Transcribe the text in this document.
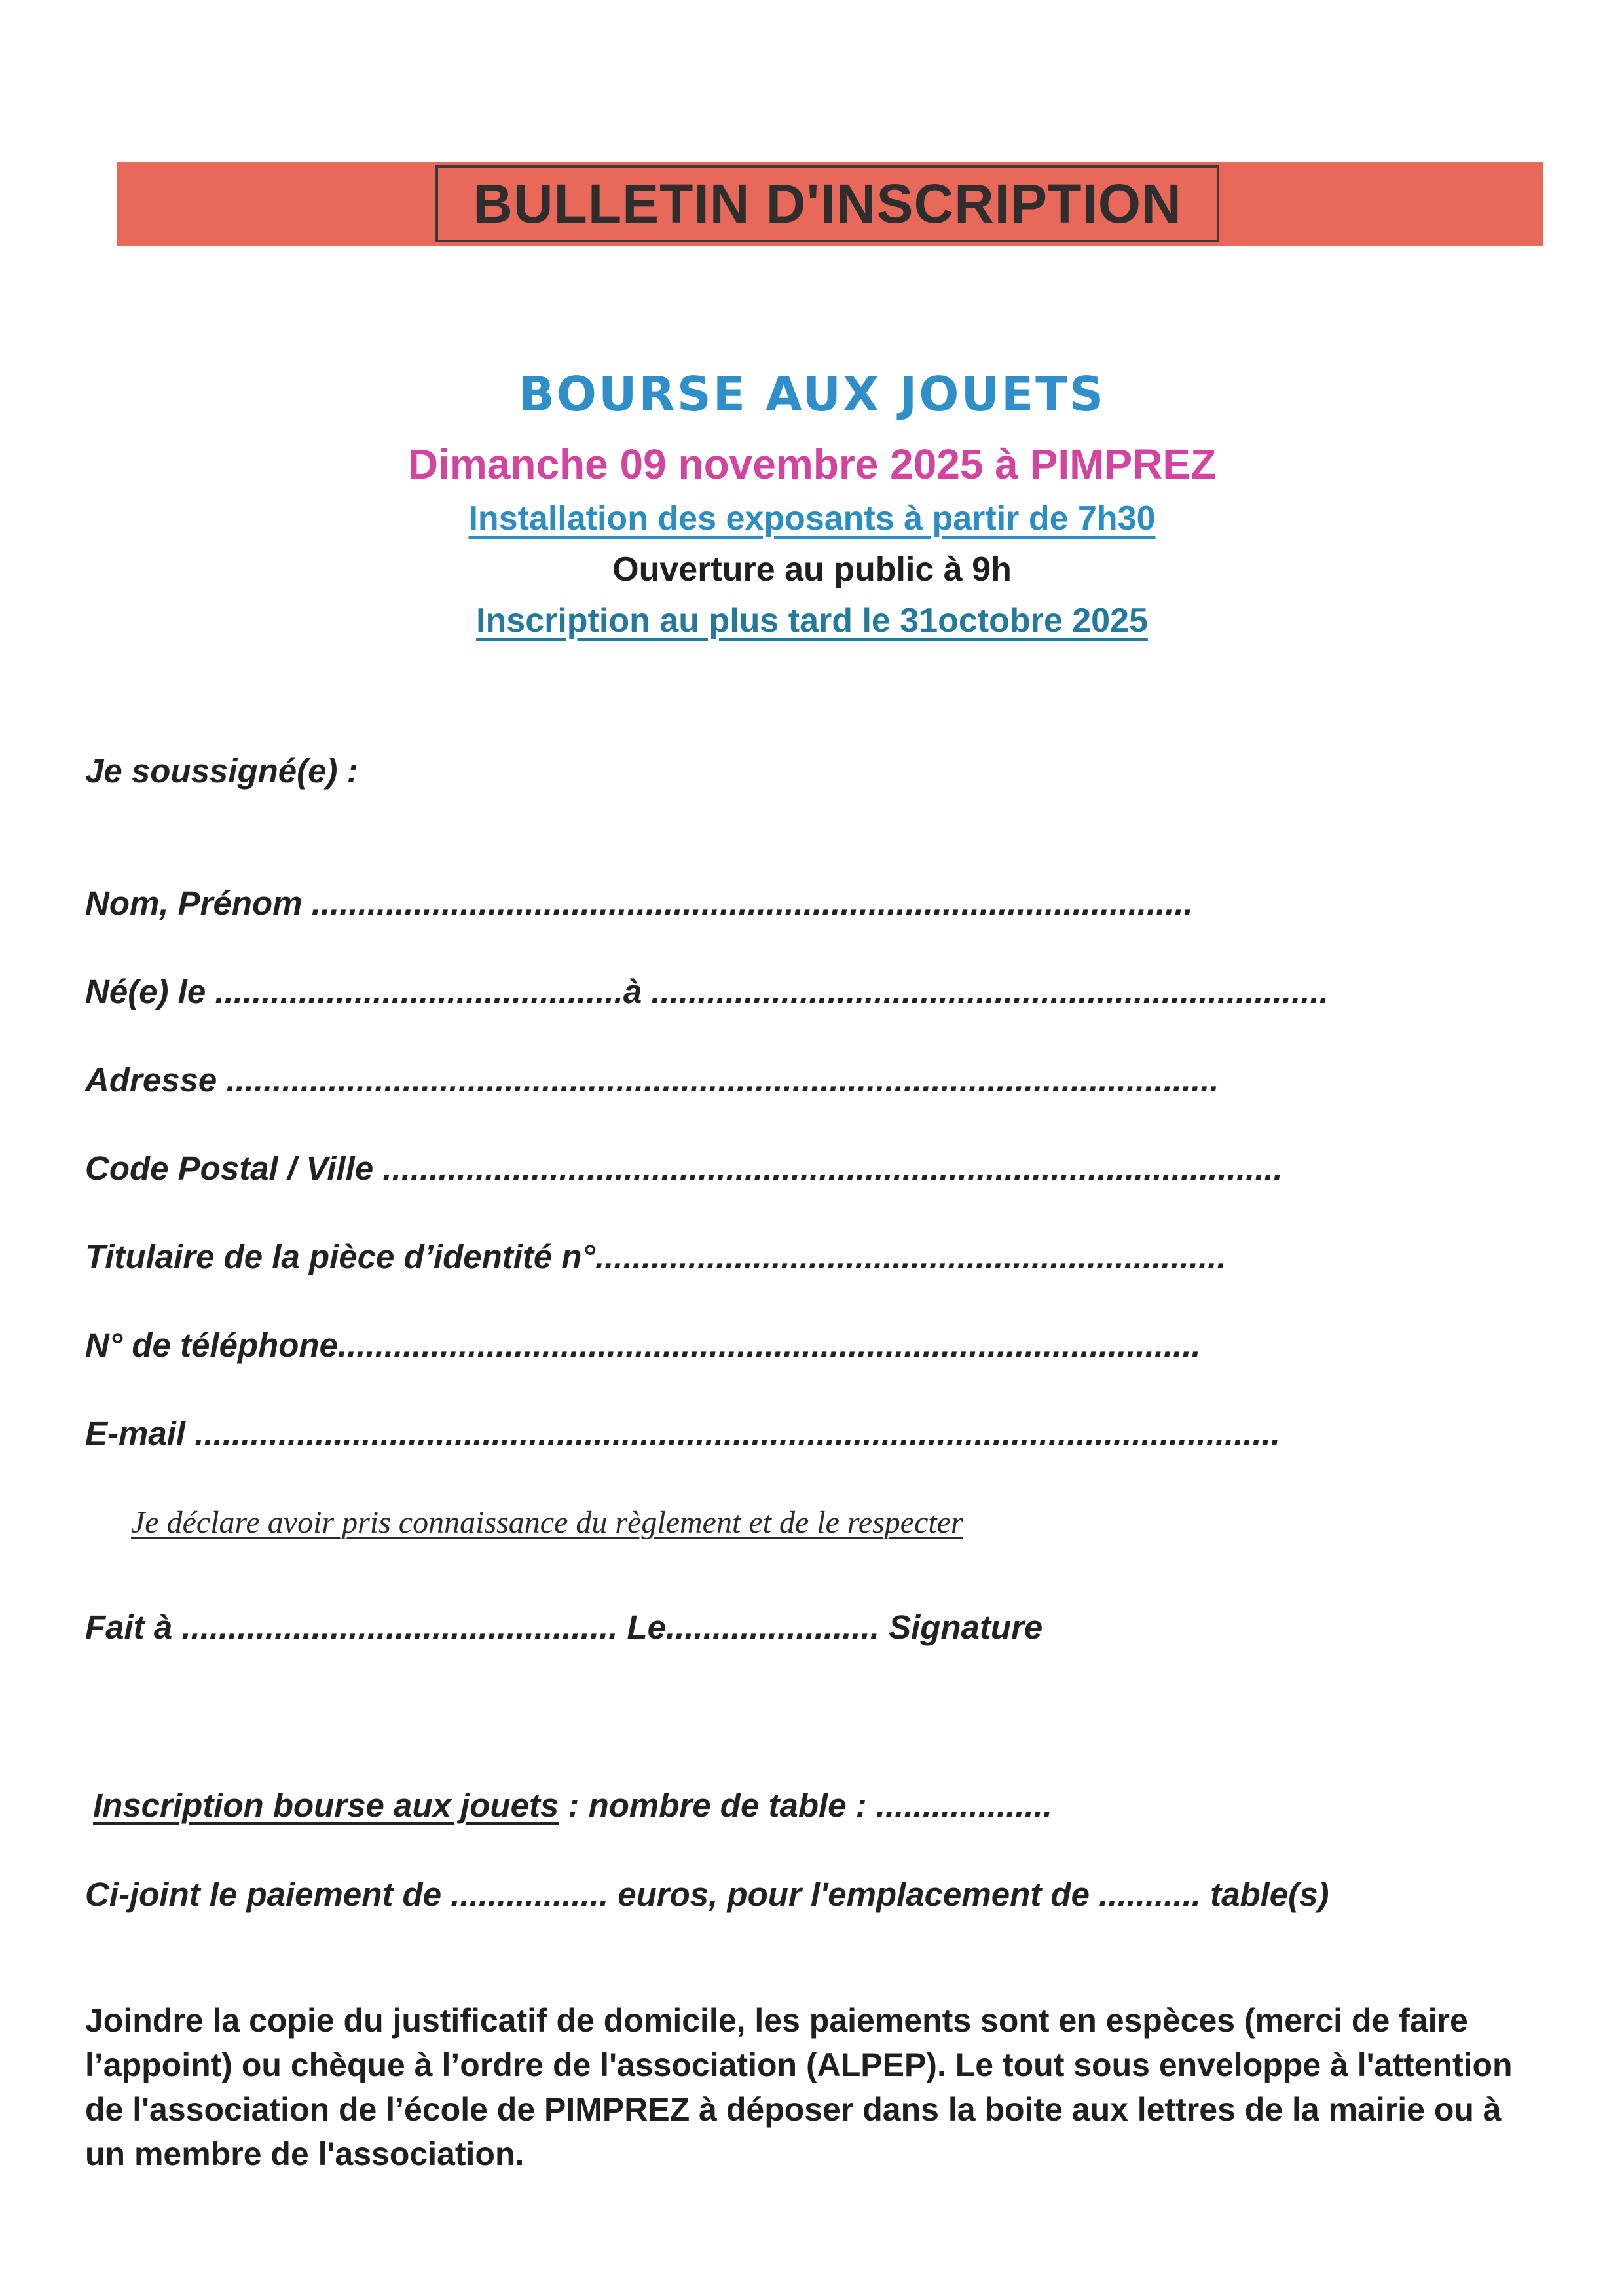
BULLETIN D'INSCRIPTION
BOURSE AUX JOUETS
Dimanche 09 novembre 2025 à PIMPREZ
Installation des exposants à partir de 7h30
Ouverture au public à 9h
Inscription au plus tard le 31octobre 2025
Je soussigné(e) :
Nom, Prénom ...............................................................................................
Né(e) le ............................................à .........................................................................
Adresse ...........................................................................................................
Code Postal / Ville .................................................................................................
Titulaire de la pièce d’identité n°....................................................................
N° de téléphone.............................................................................................
E-mail .....................................................................................................................
Je déclare avoir pris connaissance du règlement et de le respecter
Fait à ............................................... Le....................... Signature
Inscription bourse aux jouets : nombre de table : ...................
Ci-joint le paiement de ................. euros, pour l'emplacement de ........... table(s)
Joindre la copie du justificatif de domicile, les paiements sont en espèces (merci de faire l’appoint) ou chèque à l’ordre de l'association (ALPEP). Le tout sous enveloppe à l'attention de l'association de l’école de PIMPREZ à déposer dans la boite aux lettres de la mairie ou à un membre de l'association.
